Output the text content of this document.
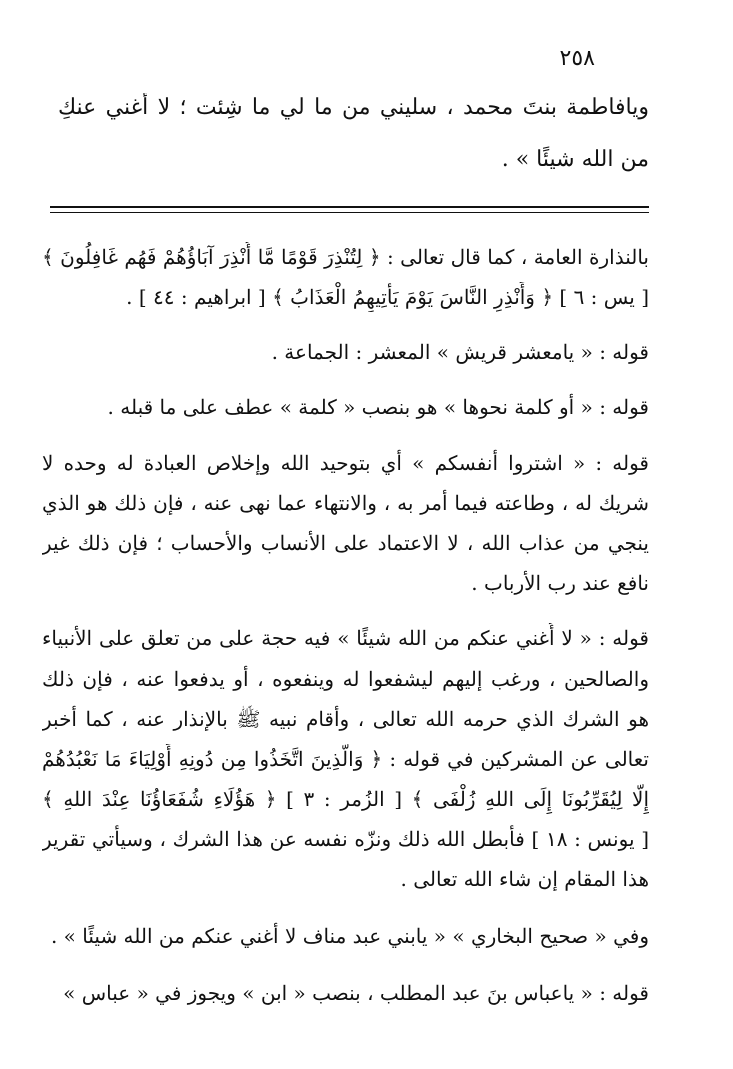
٢٥٨
ويافاطمة بنتَ محمد ، سليني من ما لي ما شِئت ؛ لا أُغني عنكِ
من الله شيئًا » .
بالنذارة العامة ، كما قال تعالى : ﴿ لِتُنْذِرَ قَوْمًا مَّا أُنْذِرَ آبَاؤُهُمْ فَهُم غَافِلُونَ ﴾
[ يس : ٦ ] ﴿ وَأَنْذِرِ النَّاسَ يَوْمَ يَأْتِيهِمُ الْعَذَابُ ﴾ [ ابراهيم : ٤٤ ] .
قوله : « يامعشر قريش » المعشر : الجماعة .
قوله : « أو كلمة نحوها » هو بنصب « كلمة » عطف على ما قبله .
قوله : « اشتروا أنفسكم » أي بتوحيد الله وإخلاص العبادة له وحده لا
شريك له ، وطاعته فيما أمر به ، والانتهاء عما نهى عنه ، فإن ذلك هو الذي
ينجي من عذاب الله ، لا الاعتماد على الأنساب والأحساب ؛ فإن ذلك غير
نافع عند رب الأرباب .
قوله : « لا أُغني عنكم من الله شيئًا » فيه حجة على من تعلق على الأنبياء
والصالحين ، ورغب إليهم ليشفعوا له وينفعوه ، أو يدفعوا عنه ، فإن ذلك
هو الشرك الذي حرمه الله تعالى ، وأقام نبيه ﷺ بالإنذار عنه ، كما أخبر
تعالى عن المشركين في قوله : ﴿ وَالَّذِينَ اتَّخَذُوا مِن دُونِهِ أَوْلِيَاءَ مَا نَعْبُدُهُمْ
إِلَّا لِيُقَرِّبُونَا إِلَى اللهِ زُلْفَى ﴾ [ الزُمر : ٣ ] ﴿ هَؤُلَاءِ شُفَعَاؤُنَا عِنْدَ اللهِ ﴾
[ يونس : ١٨ ] فأبطل الله ذلك ونزّه نفسه عن هذا الشرك ، وسيأتي تقرير
هذا المقام إن شاء الله تعالى .
وفي « صحيح البخاري » « يابني عبد مناف لا أغني عنكم من الله شيئًا » .
قوله : « ياعباس بنَ عبد المطلب ، بنصب « ابن » ويجوز في « عباس »
